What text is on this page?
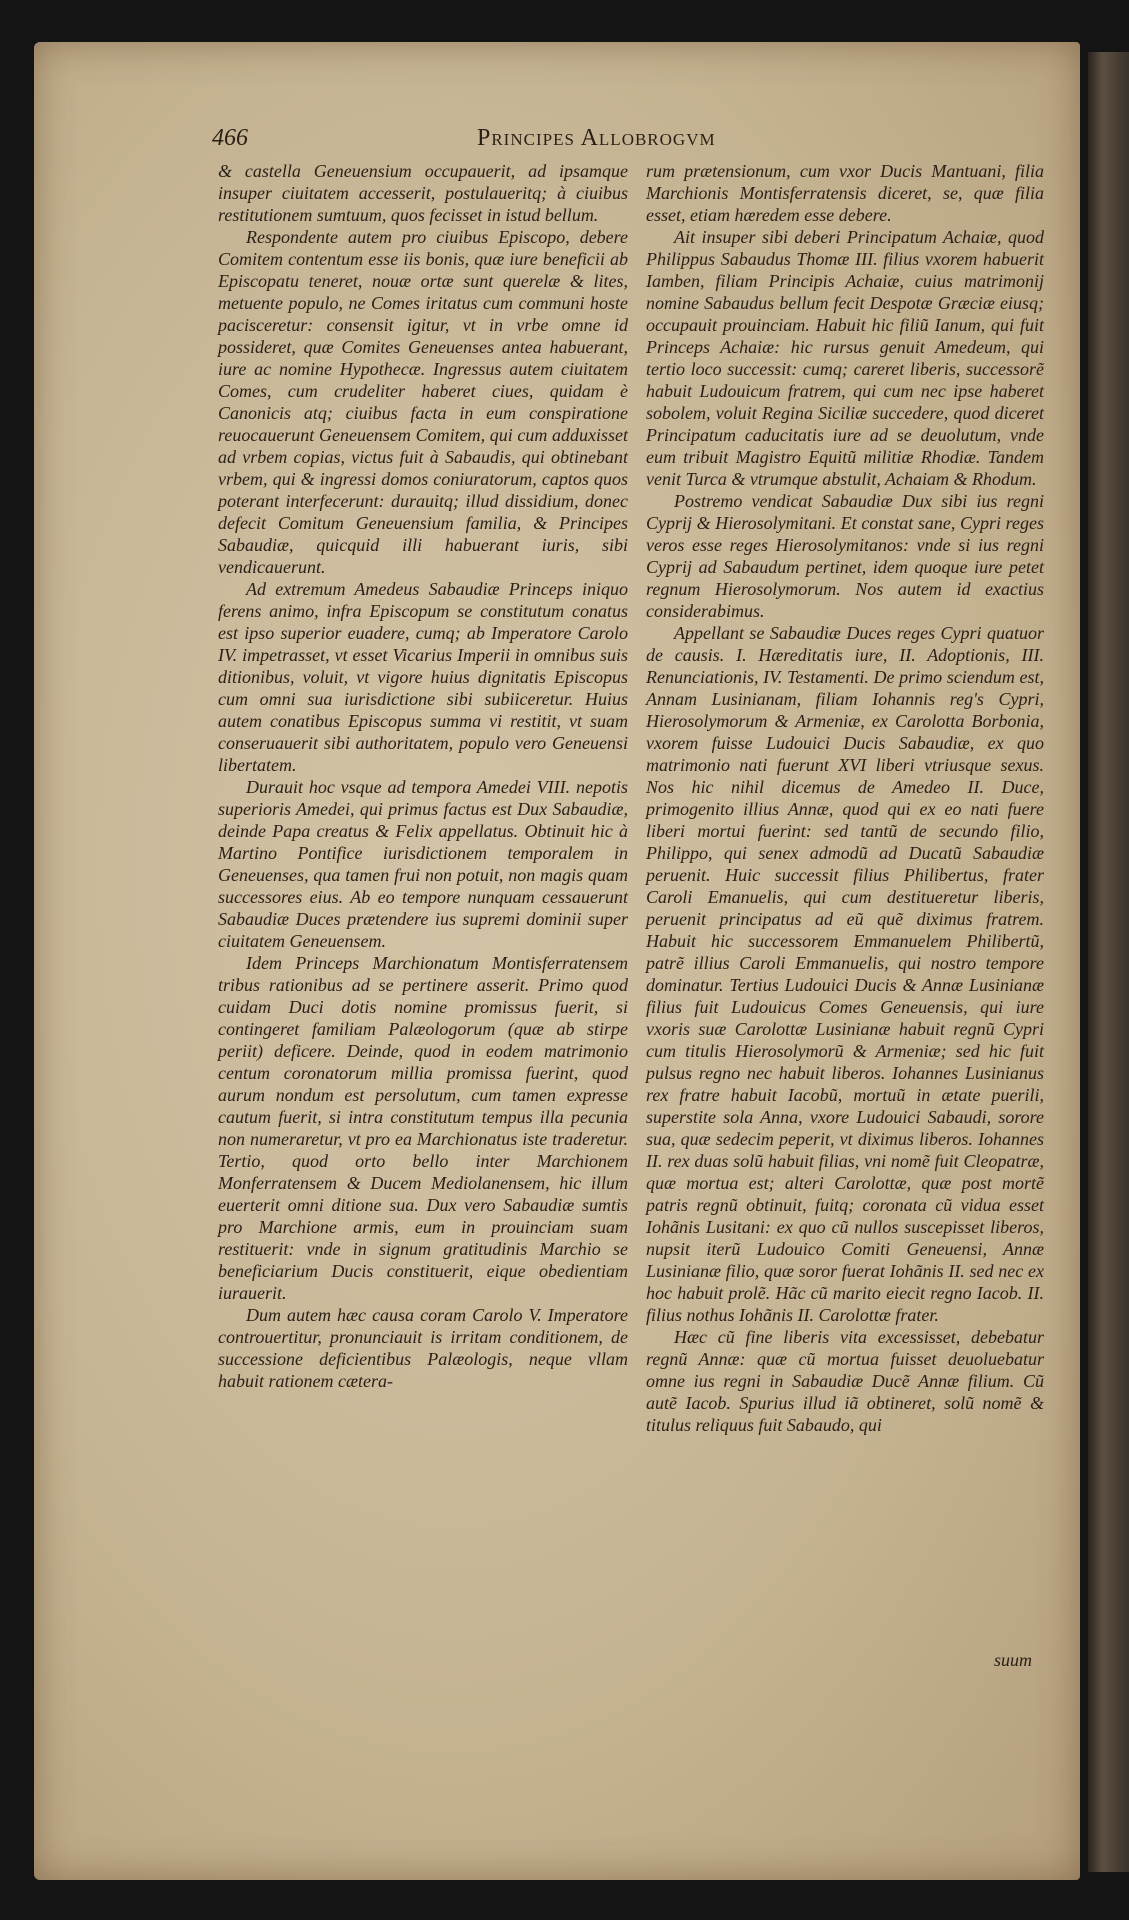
466	Principes Allobrogvm

& castella Geneuensium occupauerit, ad ipsamque insuper ciuitatem accesserit, postulaueritq; à ciuibus restitutionem sumtuum, quos fecisset in istud bellum.

Respondente autem pro ciuibus Episcopo, debere Comitem contentum esse iis bonis, quæ iure beneficii ab Episcopatu teneret, nouæ ortæ sunt querelæ & lites, metuente populo, ne Comes iritatus cum communi hoste pacisceretur: consensit igitur, vt in vrbe omne id possideret, quæ Comites Geneuenses antea habuerant, iure ac nomine Hypothecæ. Ingressus autem ciuitatem Comes, cum crudeliter haberet ciues, quidam è Canonicis atq; ciuibus facta in eum conspiratione reuocauerunt Geneuensem Comitem, qui cum adduxisset ad vrbem copias, victus fuit à Sabaudis, qui obtinebant vrbem, qui & ingressi domos coniuratorum, captos quos poterant interfecerunt: durauitq; illud dissidium, donec defecit Comitum Geneuensium familia, & Principes Sabaudiæ, quicquid illi habuerant iuris, sibi vendicauerunt.

Ad extremum Amedeus Sabaudiæ Princeps iniquo ferens animo, infra Episcopum se constitutum conatus est ipso superior euadere, cumq; ab Imperatore Carolo IV. impetrasset, vt esset Vicarius Imperii in omnibus suis ditionibus, voluit, vt vigore huius dignitatis Episcopus cum omni sua iurisdictione sibi subiiceretur. Huius autem conatibus Episcopus summa vi restitit, vt suam conseruauerit sibi authoritatem, populo vero Geneuensi libertatem.

Durauit hoc vsque ad tempora Amedei VIII. nepotis superioris Amedei, qui primus factus est Dux Sabaudiæ, deinde Papa creatus & Felix appellatus. Obtinuit hic à Martino Pontifice iurisdictionem temporalem in Geneuenses, qua tamen frui non potuit, non magis quam successores eius. Ab eo tempore nunquam cessauerunt Sabaudiæ Duces prætendere ius supremi dominii super ciuitatem Geneuensem.

Idem Princeps Marchionatum Montisferratensem tribus rationibus ad se pertinere asserit. Primo quod cuidam Duci dotis nomine promissus fuerit, si contingeret familiam Palæologorum (quæ ab stirpe periit) deficere. Deinde, quod in eodem matrimonio centum coronatorum millia promissa fuerint, quod aurum nondum est persolutum, cum tamen expresse cautum fuerit, si intra constitutum tempus illa pecunia non numeraretur, vt pro ea Marchionatus iste traderetur. Tertio, quod orto bello inter Marchionem Monferratensem & Ducem Mediolanensem, hic illum euerterit omni ditione sua. Dux vero Sabaudiæ sumtis pro Marchione armis, eum in prouinciam suam restituerit: vnde in signum gratitudinis Marchio se beneficiarium Ducis constituerit, eique obedientiam iurauerit.

Dum autem hæc causa coram Carolo V. Imperatore controuertitur, pronunciauit is irritam conditionem, de successione deficientibus Palæologis, neque vllam habuit rationem cætera-

rum prætensionum, cum vxor Ducis Mantuani, filia Marchionis Montisferratensis diceret, se, quæ filia esset, etiam hæredem esse debere.

Ait insuper sibi deberi Principatum Achaiæ, quod Philippus Sabaudus Thomæ III. filius vxorem habuerit Iamben, filiam Principis Achaiæ, cuius matrimonij nomine Sabaudus bellum fecit Despotæ Græciæ eiusq; occupauit prouinciam. Habuit hic filiũ Ianum, qui fuit Princeps Achaiæ: hic rursus genuit Amedeum, qui tertio loco successit: cumq; careret liberis, successorẽ habuit Ludouicum fratrem, qui cum nec ipse haberet sobolem, voluit Regina Siciliæ succedere, quod diceret Principatum caducitatis iure ad se deuolutum, vnde eum tribuit Magistro Equitũ militiæ Rhodiæ. Tandem venit Turca & vtrumque abstulit, Achaiam & Rhodum.

Postremo vendicat Sabaudiæ Dux sibi ius regni Cyprij & Hierosolymitani. Et constat sane, Cypri reges veros esse reges Hierosolymitanos: vnde si ius regni Cyprij ad Sabaudum pertinet, idem quoque iure petet regnum Hierosolymorum. Nos autem id exactius considerabimus.

Appellant se Sabaudiæ Duces reges Cypri quatuor de causis. I. Hæreditatis iure, II. Adoptionis, III. Renunciationis, IV. Testamenti. De primo sciendum est, Annam Lusinianam, filiam Iohannis reg's Cypri, Hierosolymorum & Armeniæ, ex Carolotta Borbonia, vxorem fuisse Ludouici Ducis Sabaudiæ, ex quo matrimonio nati fuerunt XVI liberi vtriusque sexus. Nos hic nihil dicemus de Amedeo II. Duce, primogenito illius Annæ, quod qui ex eo nati fuere liberi mortui fuerint: sed tantũ de secundo filio, Philippo, qui senex admodũ ad Ducatũ Sabaudiæ peruenit. Huic successit filius Philibertus, frater Caroli Emanuelis, qui cum destitueretur liberis, peruenit principatus ad eũ quẽ diximus fratrem. Habuit hic successorem Emmanuelem Philibertũ, patrẽ illius Caroli Emmanuelis, qui nostro tempore dominatur. Tertius Ludouici Ducis & Annæ Lusinianæ filius fuit Ludouicus Comes Geneuensis, qui iure vxoris suæ Carolottæ Lusinianæ habuit regnũ Cypri cum titulis Hierosolymorũ & Armeniæ; sed hic fuit pulsus regno nec habuit liberos. Iohannes Lusinianus rex fratre habuit Iacobũ, mortuũ in ætate puerili, superstite sola Anna, vxore Ludouici Sabaudi, sorore sua, quæ sedecim peperit, vt diximus liberos. Iohannes II. rex duas solũ habuit filias, vni nomẽ fuit Cleopatræ, quæ mortua est; alteri Carolottæ, quæ post mortẽ patris regnũ obtinuit, fuitq; coronata cũ vidua esset Iohãnis Lusitani: ex quo cũ nullos suscepisset liberos, nupsit iterũ Ludouico Comiti Geneuensi, Annæ Lusinianæ filio, quæ soror fuerat Iohãnis II. sed nec ex hoc habuit prolẽ. Hãc cũ marito eiecit regno Iacob. II. filius nothus Iohãnis II. Carolottæ frater.

Hæc cũ fine liberis vita excessisset, debebatur regnũ Annæ: quæ cũ mortua fuisset deuoluebatur omne ius regni in Sabaudiæ Ducẽ Annæ filium. Cũ autẽ Iacob. Spurius illud iã obtineret, solũ nomẽ & titulus reliquus fuit Sabaudo, qui

suum
